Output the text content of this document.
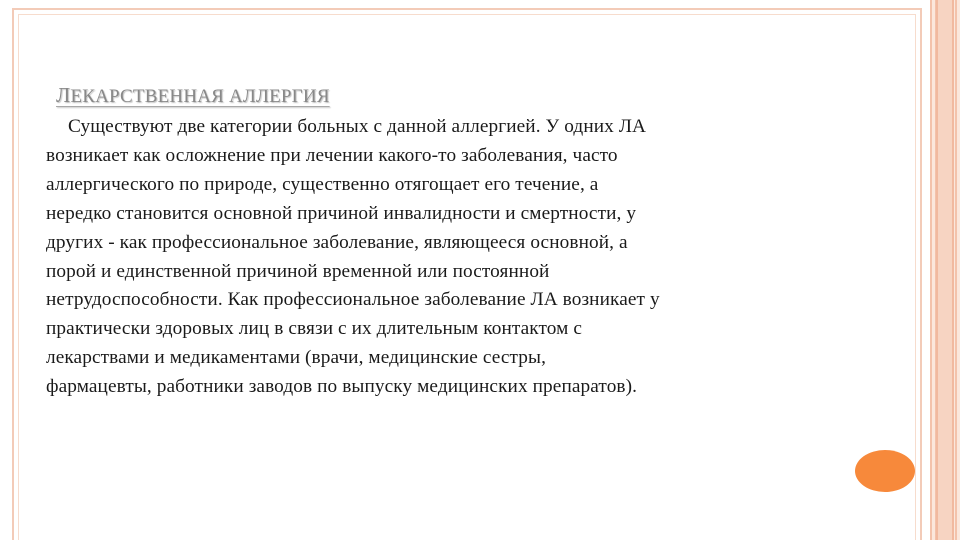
ЛЕКАРСТВЕННАЯ АЛЛЕРГИЯ

Существуют две категории больных с данной аллергией. У одних ЛА
возникает как осложнение при лечении какого-то заболевания, часто
аллергического по природе, существенно отягощает его течение, а
нередко становится основной причиной инвалидности и смертности, у
других - как профессиональное заболевание, являющееся основной, а
порой и единственной причиной временной или постоянной
нетрудоспособности. Как профессиональное заболевание ЛА возникает у
практически здоровых лиц в связи с их длительным контактом с
лекарствами и медикаментами (врачи, медицинские сестры,
фармацевты, работники заводов по выпуску медицинских препаратов).
